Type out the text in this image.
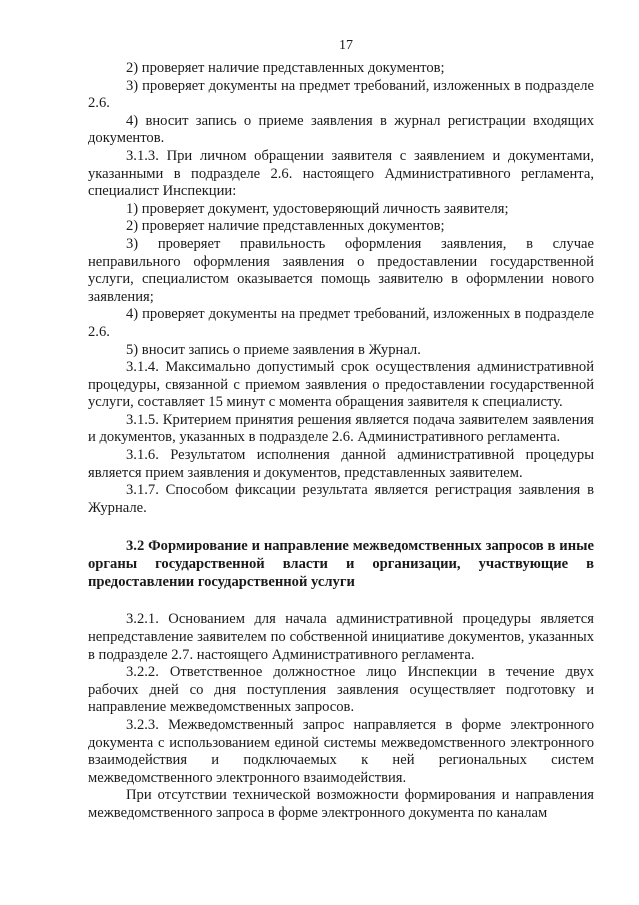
17

2) проверяет наличие представленных документов;

3) проверяет документы на предмет требований, изложенных в подразделе 2.6.

4) вносит запись о приеме заявления в журнал регистрации входящих документов.

3.1.3. При личном обращении заявителя с заявлением и документами, указанными в подразделе 2.6. настоящего Административного регламента, специалист Инспекции:

1) проверяет документ, удостоверяющий личность заявителя;

2) проверяет наличие представленных документов;

3) проверяет правильность оформления заявления, в случае неправильного оформления заявления о предоставлении государственной услуги, специалистом оказывается помощь заявителю в оформлении нового заявления;

4) проверяет документы на предмет требований, изложенных в подразделе 2.6.

5) вносит запись о приеме заявления в Журнал.

3.1.4. Максимально допустимый срок осуществления административной процедуры, связанной с приемом заявления о предоставлении государственной услуги, составляет 15 минут с момента обращения заявителя к специалисту.

3.1.5. Критерием принятия решения является подача заявителем заявления и документов, указанных в подразделе 2.6. Административного регламента.

3.1.6. Результатом исполнения данной административной процедуры является прием заявления и документов, представленных заявителем.

3.1.7. Способом фиксации результата является регистрация заявления в Журнале.

3.2 Формирование и направление межведомственных запросов в иные органы государственной власти и организации, участвующие в предоставлении государственной услуги

3.2.1. Основанием для начала административной процедуры является непредставление заявителем по собственной инициативе документов, указанных в подразделе 2.7. настоящего Административного регламента.

3.2.2. Ответственное должностное лицо Инспекции в течение двух рабочих дней со дня поступления заявления осуществляет подготовку и направление межведомственных запросов.

3.2.3. Межведомственный запрос направляется в форме электронного документа с использованием единой системы межведомственного электронного взаимодействия и подключаемых к ней региональных систем межведомственного электронного взаимодействия.

При отсутствии технической возможности формирования и направления межведомственного запроса в форме электронного документа по каналам
